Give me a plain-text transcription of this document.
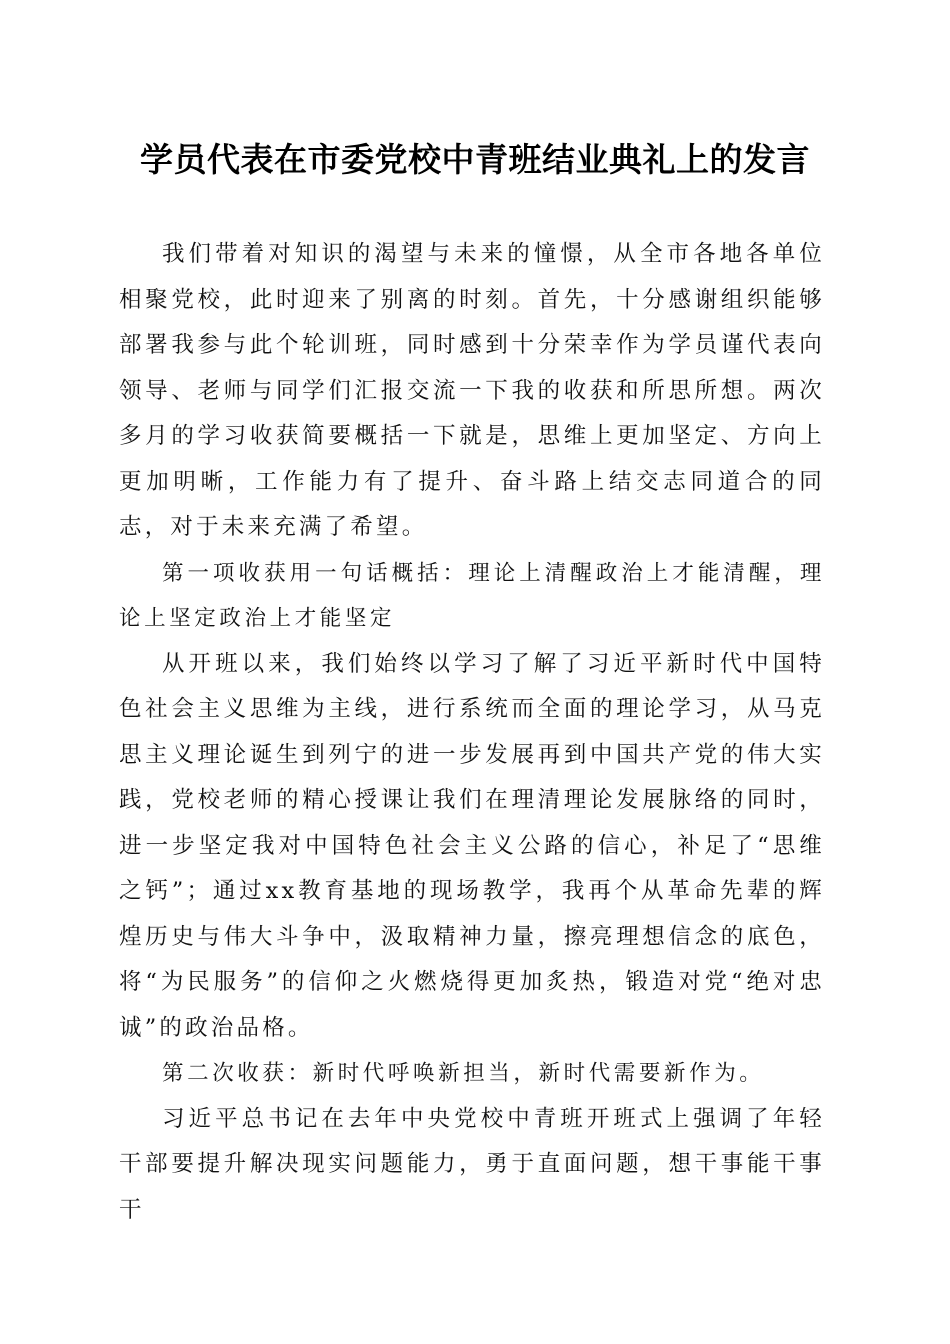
学员代表在市委党校中青班结业典礼上的发言

我们带着对知识的渴望与未来的憧憬，从全市各地各单位相聚党校，此时迎来了别离的时刻。首先，十分感谢组织能够部署我参与此个轮训班，同时感到十分荣幸作为学员谨代表向领导、老师与同学们汇报交流一下我的收获和所思所想。两次多月的学习收获简要概括一下就是，思维上更加坚定、方向上更加明晰，工作能力有了提升、奋斗路上结交志同道合的同志，对于未来充满了希望。

第一项收获用一句话概括：理论上清醒政治上才能清醒，理论上坚定政治上才能坚定

从开班以来，我们始终以学习了解了习近平新时代中国特色社会主义思维为主线，进行系统而全面的理论学习，从马克思主义理论诞生到列宁的进一步发展再到中国共产党的伟大实践，党校老师的精心授课让我们在理清理论发展脉络的同时，进一步坚定我对中国特色社会主义公路的信心，补足了“思维之钙”；通过xx教育基地的现场教学，我再个从革命先辈的辉煌历史与伟大斗争中，汲取精神力量，擦亮理想信念的底色，将“为民服务”的信仰之火燃烧得更加炙热，锻造对党“绝对忠诚”的政治品格。

第二次收获：新时代呼唤新担当，新时代需要新作为。

习近平总书记在去年中央党校中青班开班式上强调了年轻干部要提升解决现实问题能力，勇于直面问题，想干事能干事干
